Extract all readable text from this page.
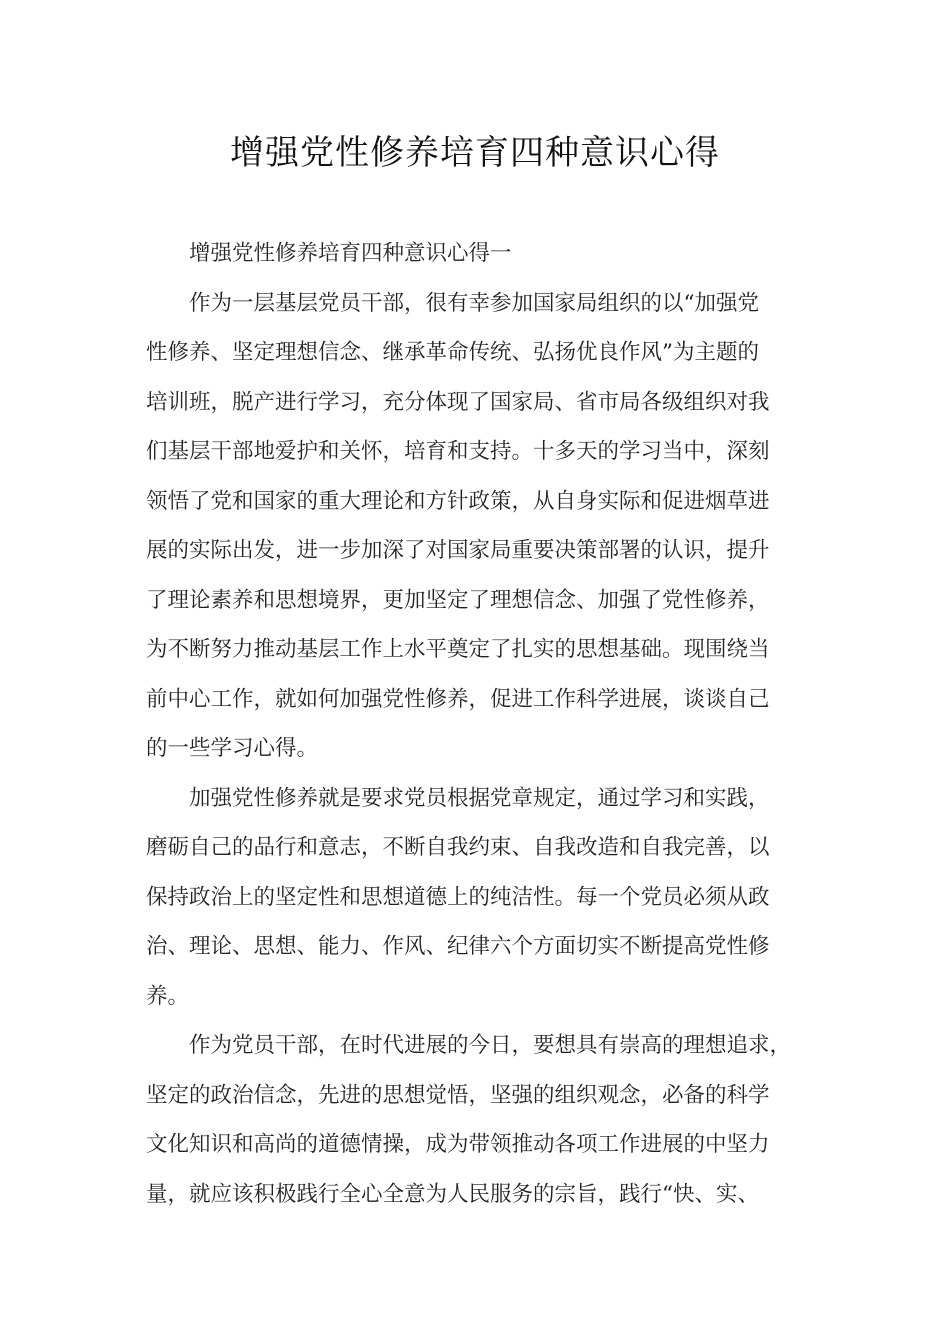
增强党性修养培育四种意识心得
增强党性修养培育四种意识心得一
作为一层基层党员干部，很有幸参加国家局组织的以“加强党
性修养、坚定理想信念、继承革命传统、弘扬优良作风”为主题的
培训班，脱产进行学习，充分体现了国家局、省市局各级组织对我
们基层干部地爱护和关怀，培育和支持。十多天的学习当中，深刻
领悟了党和国家的重大理论和方针政策，从自身实际和促进烟草进
展的实际出发，进一步加深了对国家局重要决策部署的认识，提升
了理论素养和思想境界，更加坚定了理想信念、加强了党性修养，
为不断努力推动基层工作上水平奠定了扎实的思想基础。现围绕当
前中心工作，就如何加强党性修养，促进工作科学进展，谈谈自己
的一些学习心得。
加强党性修养就是要求党员根据党章规定，通过学习和实践，
磨砺自己的品行和意志，不断自我约束、自我改造和自我完善，以
保持政治上的坚定性和思想道德上的纯洁性。每一个党员必须从政
治、理论、思想、能力、作风、纪律六个方面切实不断提高党性修
养。
作为党员干部，在时代进展的今日，要想具有崇高的理想追求，
坚定的政治信念，先进的思想觉悟，坚强的组织观念，必备的科学
文化知识和高尚的道德情操，成为带领推动各项工作进展的中坚力
量，就应该积极践行全心全意为人民服务的宗旨，践行“快、实、
